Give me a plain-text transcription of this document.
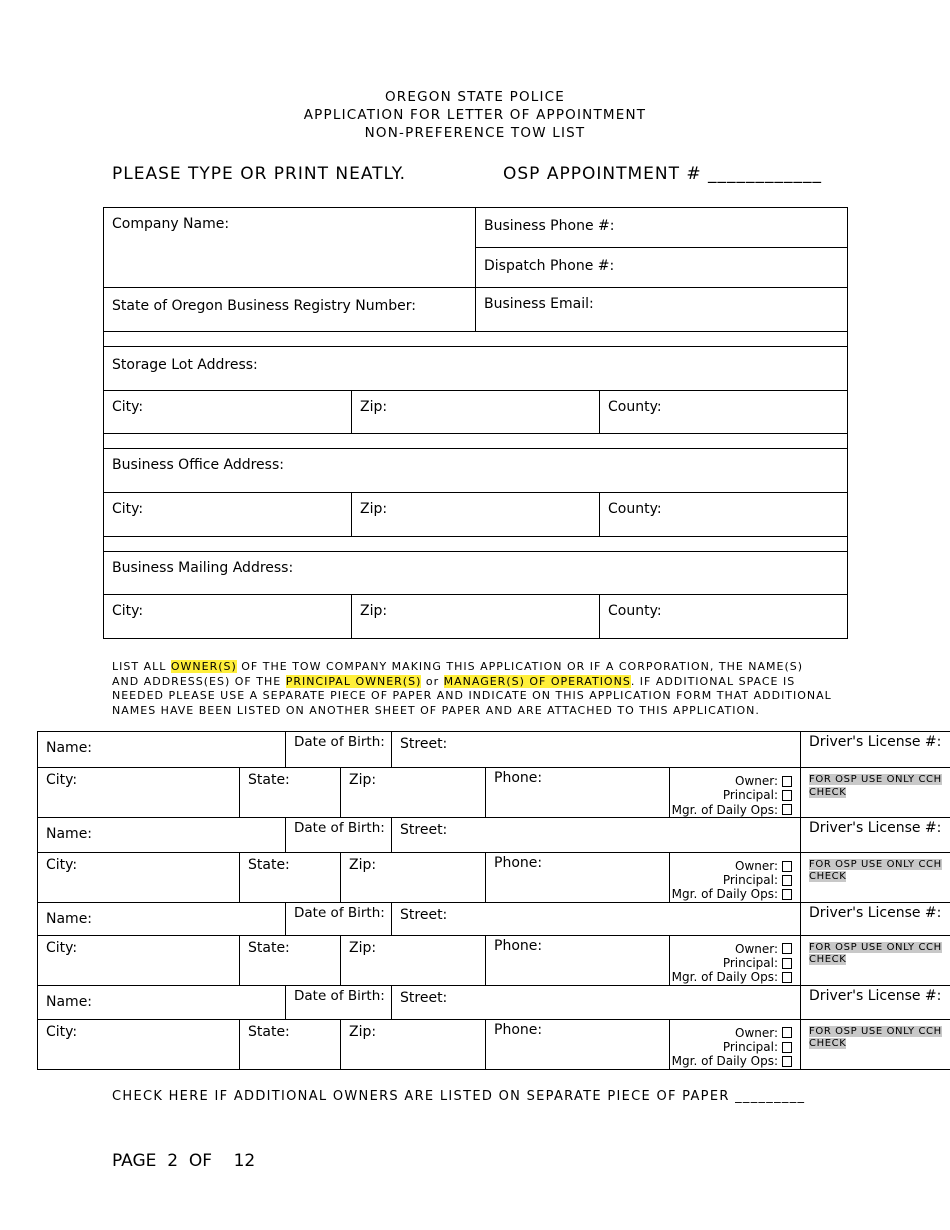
OREGON STATE POLICE
APPLICATION FOR LETTER OF APPOINTMENT
NON-PREFERENCE TOW LIST
PLEASE TYPE OR PRINT NEATLY.	OSP APPOINTMENT # ____________
Company Name:	Business Phone #:

	Dispatch Phone #:

State of Oregon Business Registry Number:	Business Email:

Storage Lot Address:

City:	Zip:	County:

Business Office Address:

City:	Zip:	County:

Business Mailing Address:

City:	Zip:	County:
LIST ALL OWNER(S) OF THE TOW COMPANY MAKING THIS APPLICATION OR IF A CORPORATION, THE NAME(S) AND ADDRESS(ES) OF THE PRINCIPAL OWNER(S) or MANAGER(S) OF OPERATIONS. IF ADDITIONAL SPACE IS NEEDED PLEASE USE A SEPARATE PIECE OF PAPER AND INDICATE ON THIS APPLICATION FORM THAT ADDITIONAL NAMES HAVE BEEN LISTED ON ANOTHER SHEET OF PAPER AND ARE ATTACHED TO THIS APPLICATION.
Name:		Date of Birth:		Street:			Driver's License #:

City:	State:		Zip:		Phone:	Owner:
Principal:
Mgr. of Daily Ops:	FOR OSP USE ONLY CCH CHECK

Name:		Date of Birth:		Street:			Driver's License #:

City:	State:		Zip:		Phone:	Owner:
Principal:
Mgr. of Daily Ops:	FOR OSP USE ONLY CCH CHECK

Name:		Date of Birth:		Street:			Driver's License #:

City:	State:		Zip:		Phone:	Owner:
Principal:
Mgr. of Daily Ops:	FOR OSP USE ONLY CCH CHECK

Name:		Date of Birth:		Street:			Driver's License #:

City:	State:		Zip:		Phone:	Owner:
Principal:
Mgr. of Daily Ops:	FOR OSP USE ONLY CCH CHECK
CHECK HERE IF ADDITIONAL OWNERS ARE LISTED ON SEPARATE PIECE OF PAPER _________
PAGE  2  OF    12
